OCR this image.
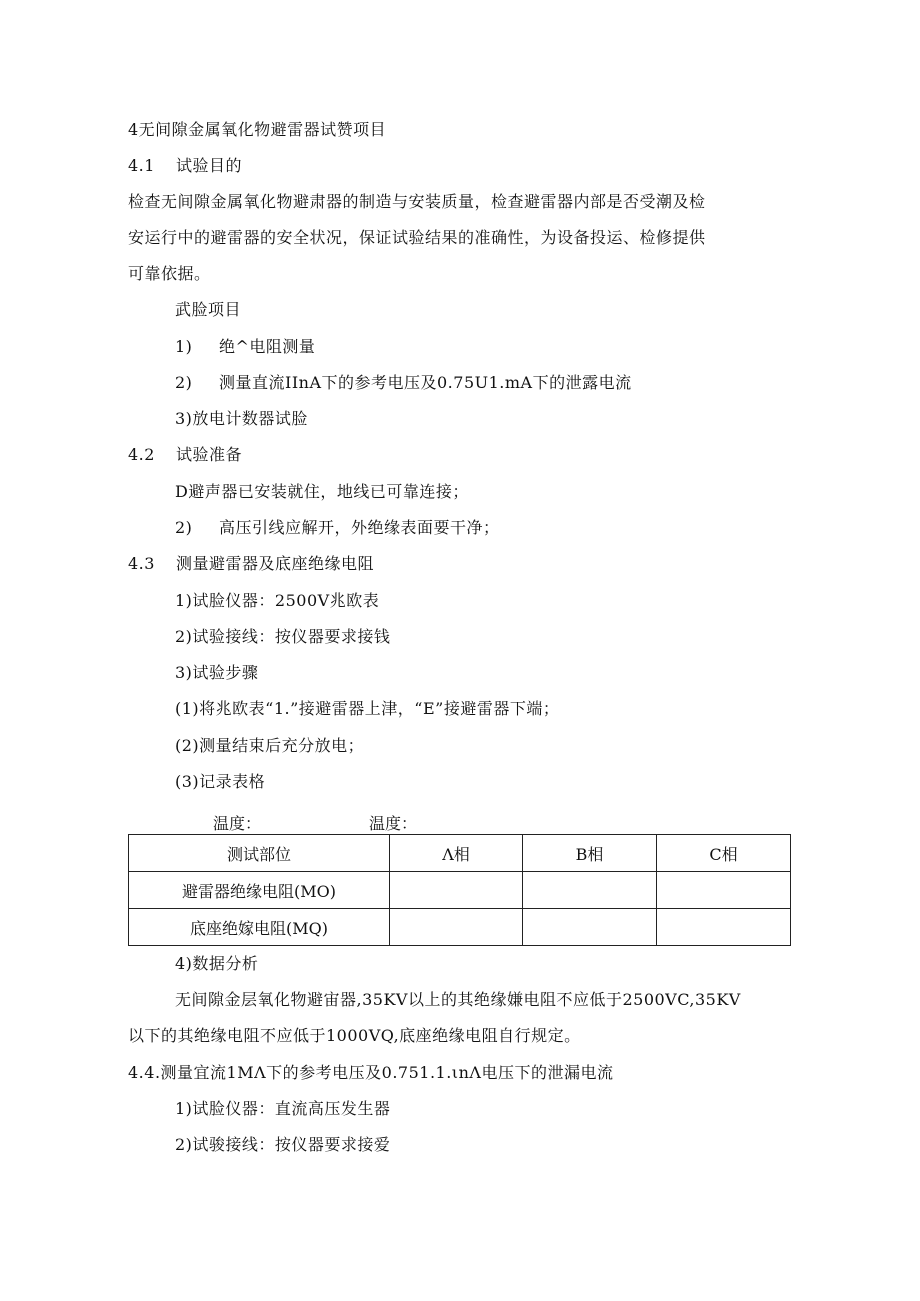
4无间隙金属氧化物避雷器试赞项目
4.1 试验目的
检查无间隙金属氧化物避肃器的制造与安装质量，检查避雷器内部是否受潮及检
安运行中的避雷器的安全状况，保证试验结果的准确性，为设备投运、检修提供
可靠依据。
武脸项目
1) 绝^电阻测量
2) 测量直流IInA下的参考电压及0.75U1.mA下的泄露电流
3)放电计数器试脸
4.2 试验准备
D避声器已安装就住，地线已可靠连接；
2) 高压引线应解开，外绝缘表面要干净；
4.3 测量避雷器及底座绝缘电阻
1)试脸仪器：2500V兆欧表
2)试验接线：按仪器要求接钱
3)试验步骤
(1)将兆欧表“1.”接避雷器上津，“E”接避雷器下端；
(2)测量结束后充分放电；
(3)记录表格
温度：	温度：
测试部位	Λ相	B相	C相
避雷器绝缘电阻(MO)			
底座绝嫁电阻(MQ)			
4)数据分析
无间隙金层氧化物避宙器,35KV以上的其绝缘嫌电阻不应低于2500VC,35KV
以下的其绝缘电阻不应低于1000VQ,底座绝缘电阻自行规定。
4.4.测量宜流1MΛ下的参考电压及0.751.1.ιnΛ电压下的泄漏电流
1)试脸仪器：直流高压发生器
2)试骏接线：按仪器要求接爱
